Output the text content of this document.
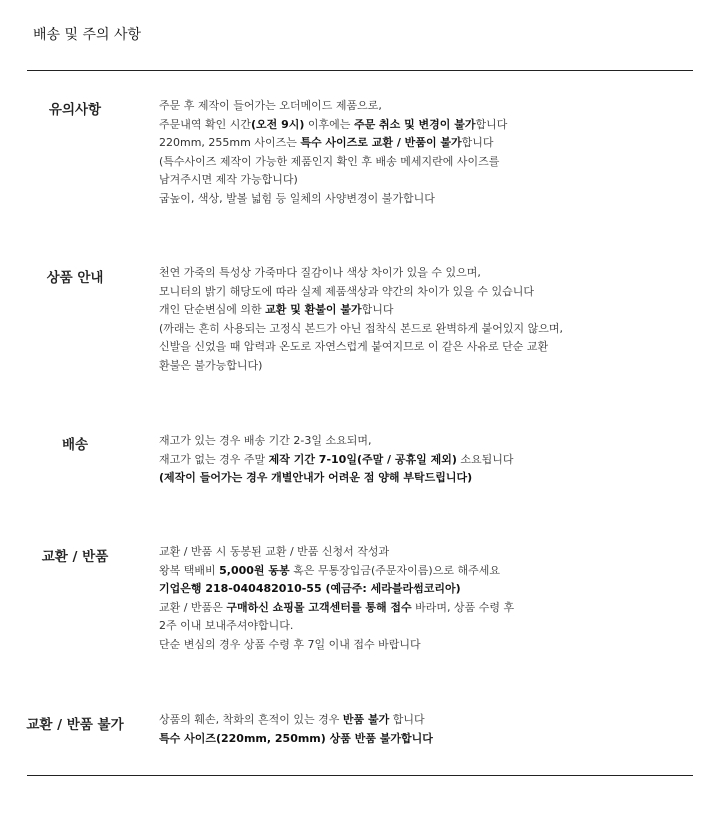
배송 및 주의 사항
유의사항	주문 후 제작이 들어가는 오더메이드 제품으로,
주문내역 확인 시간(오전 9시) 이후에는 주문 취소 및 변경이 불가합니다
220mm, 255mm 사이즈는 특수 사이즈로 교환 / 반품이 불가합니다
(특수사이즈 제작이 가능한 제품인지 확인 후 배송 메세지란에 사이즈를
남겨주시면 제작 가능합니다)
굽높이, 색상, 발볼 넓힘 등 일체의 사양변경이 불가합니다
상품 안내	천연 가죽의 특성상 가죽마다 질감이나 색상 차이가 있을 수 있으며,
모니터의 밝기 해당도에 따라 실제 제품색상과 약간의 차이가 있을 수 있습니다
개인 단순변심에 의한 교환 및 환불이 불가합니다
(까래는 흔히 사용되는 고정식 본드가 아닌 접착식 본드로 완벽하게 붙어있지 않으며,
신발을 신었을 때 압력과 온도로 자연스럽게 붙여지므로 이 같은 사유로 단순 교환
환불은 불가능합니다)
배송	재고가 있는 경우 배송 기간 2-3일 소요되며,
재고가 없는 경우 주말 제작 기간 7-10일(주말 / 공휴일 제외) 소요됩니다
(제작이 들어가는 경우 개별안내가 어려운 점 양해 부탁드립니다)
교환 / 반품	교환 / 반품 시 동봉된 교환 / 반품 신청서 작성과
왕복 택배비 5,000원 동봉 혹은 무통장입금(주문자이름)으로 해주세요
기업은행 218-040482010-55 (예금주: 세라블라썸코리아)
교환 / 반품은 구매하신 쇼핑몰 고객센터를 통해 접수 바라며, 상품 수령 후
2주 이내 보내주셔야합니다.
단순 변심의 경우 상품 수령 후 7일 이내 접수 바랍니다
교환 / 반품 불가	상품의 훼손, 착화의 흔적이 있는 경우 반품 불가 합니다
특수 사이즈(220mm, 250mm) 상품 반품 불가합니다
